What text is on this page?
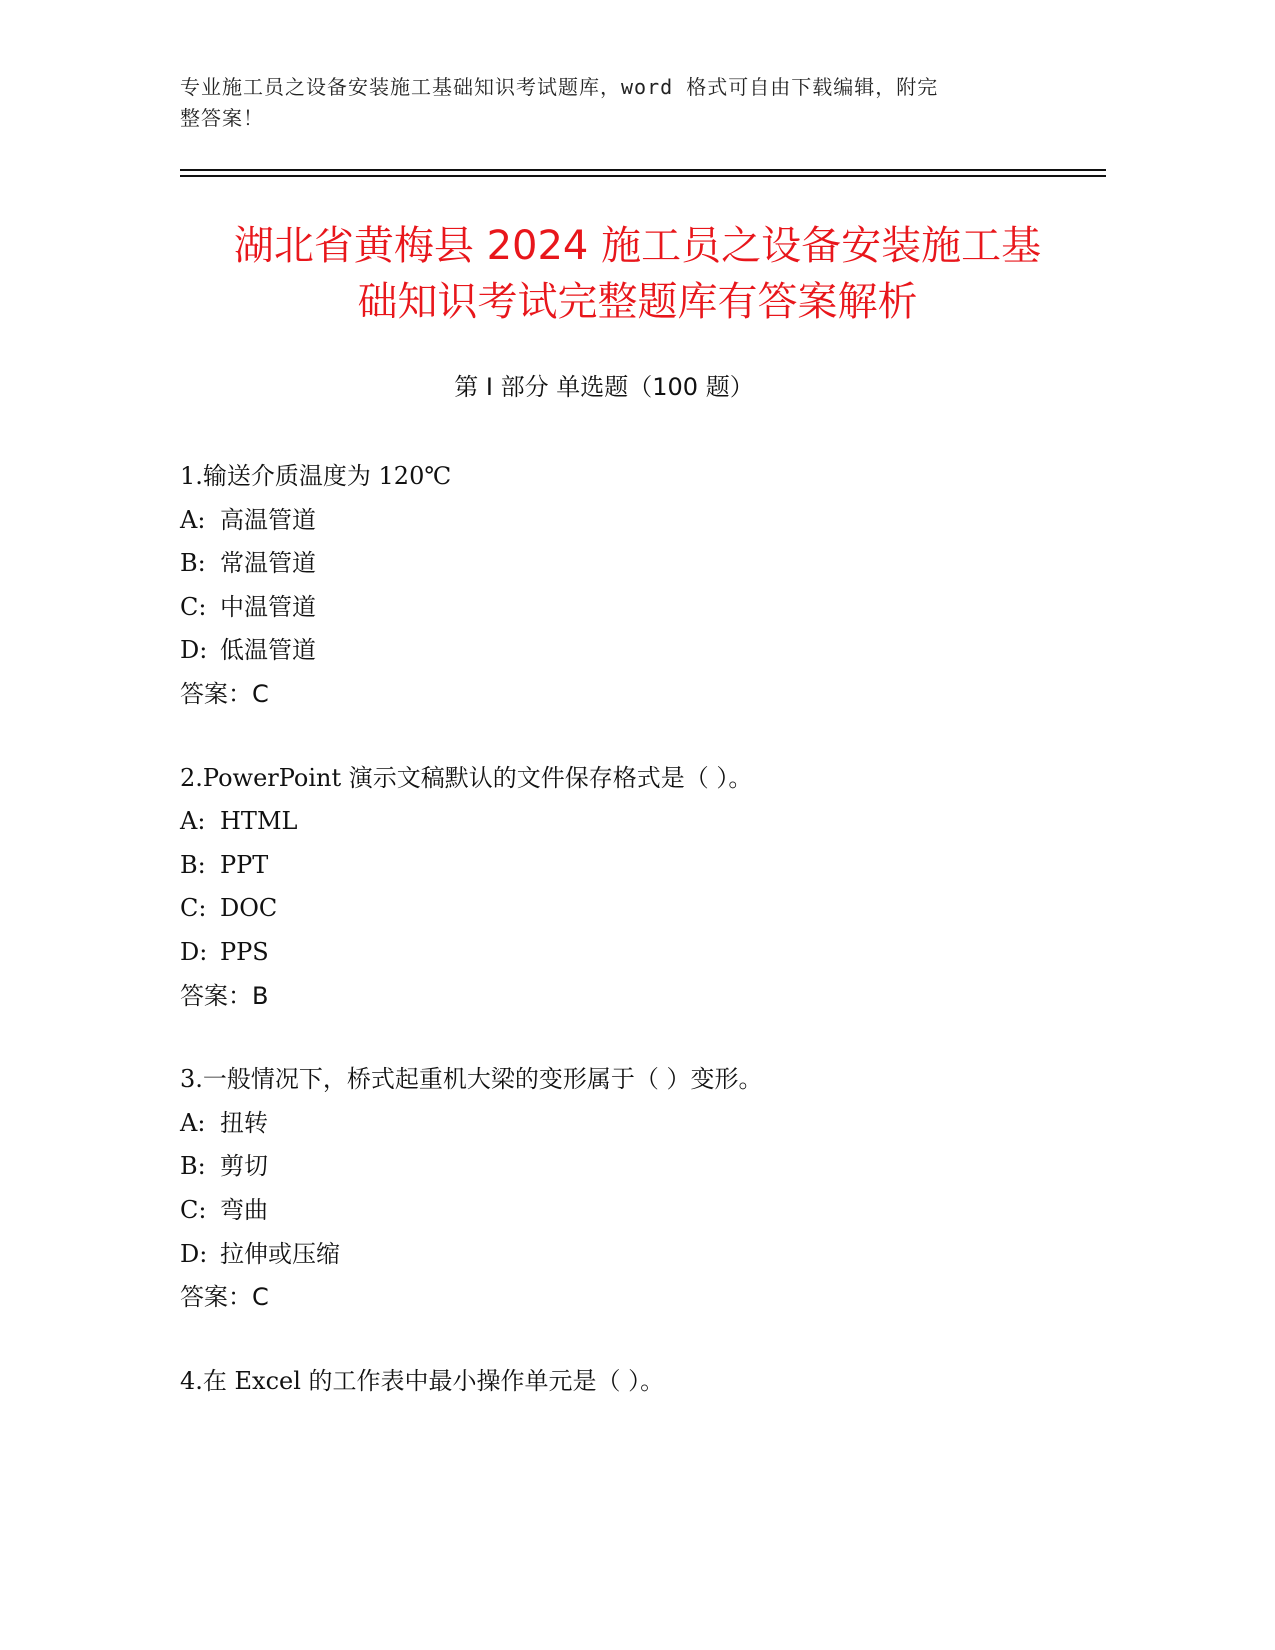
专业施工员之设备安装施工基础知识考试题库，word 格式可自由下载编辑，附完
整答案！
湖北省黄梅县 2024 施工员之设备安装施工基
础知识考试完整题库有答案解析
第 I 部分 单选题（100 题）
1.输送介质温度为 120℃
A: 高温管道
B: 常温管道
C: 中温管道
D: 低温管道
答案：C
2.PowerPoint 演示文稿默认的文件保存格式是（ ）。
A: HTML
B: PPT
C: DOC
D: PPS
答案：B
3.一般情况下，桥式起重机大梁的变形属于（ ）变形。
A: 扭转
B: 剪切
C: 弯曲
D: 拉伸或压缩
答案：C
4.在 Excel 的工作表中最小操作单元是（ ）。
